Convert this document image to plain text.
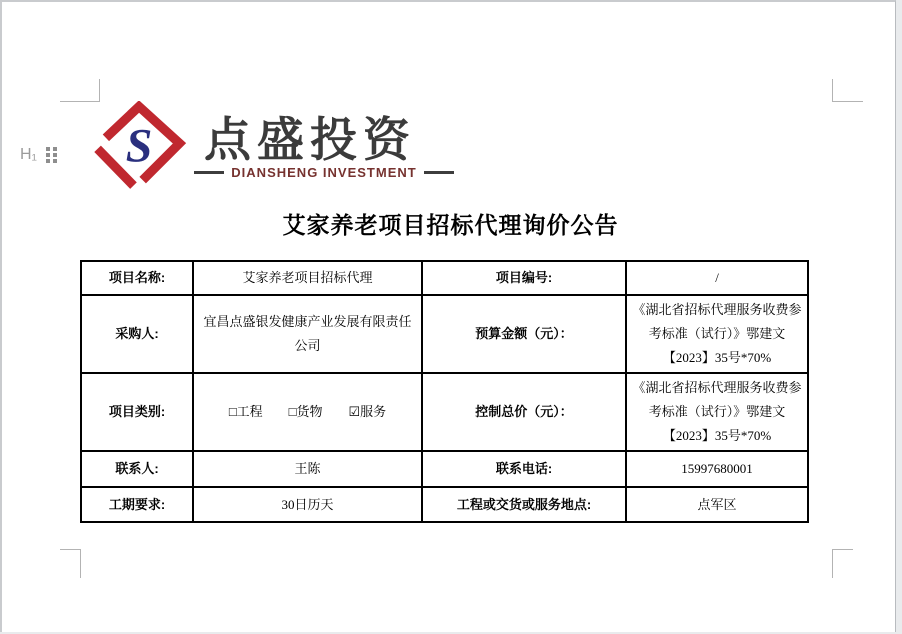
H₁ S 点盛投资
DIANSHENG INVESTMENT
艾家养老项目招标代理询价公告
项目名称:	艾家养老项目招标代理	项目编号:	/
采购人:	宜昌点盛银发健康产业发展有限责任公司	预算金额（元）：	《湖北省招标代理服务收费参考标准（试行）》鄂建文【2023】35号*70%
项目类别:	□工程 □货物 ☑服务	控制总价（元）：	《湖北省招标代理服务收费参考标准（试行）》鄂建文【2023】35号*70%
联系人:	王陈	联系电话:	15997680001
工期要求:	30日历天	工程或交货或服务地点:	点军区
